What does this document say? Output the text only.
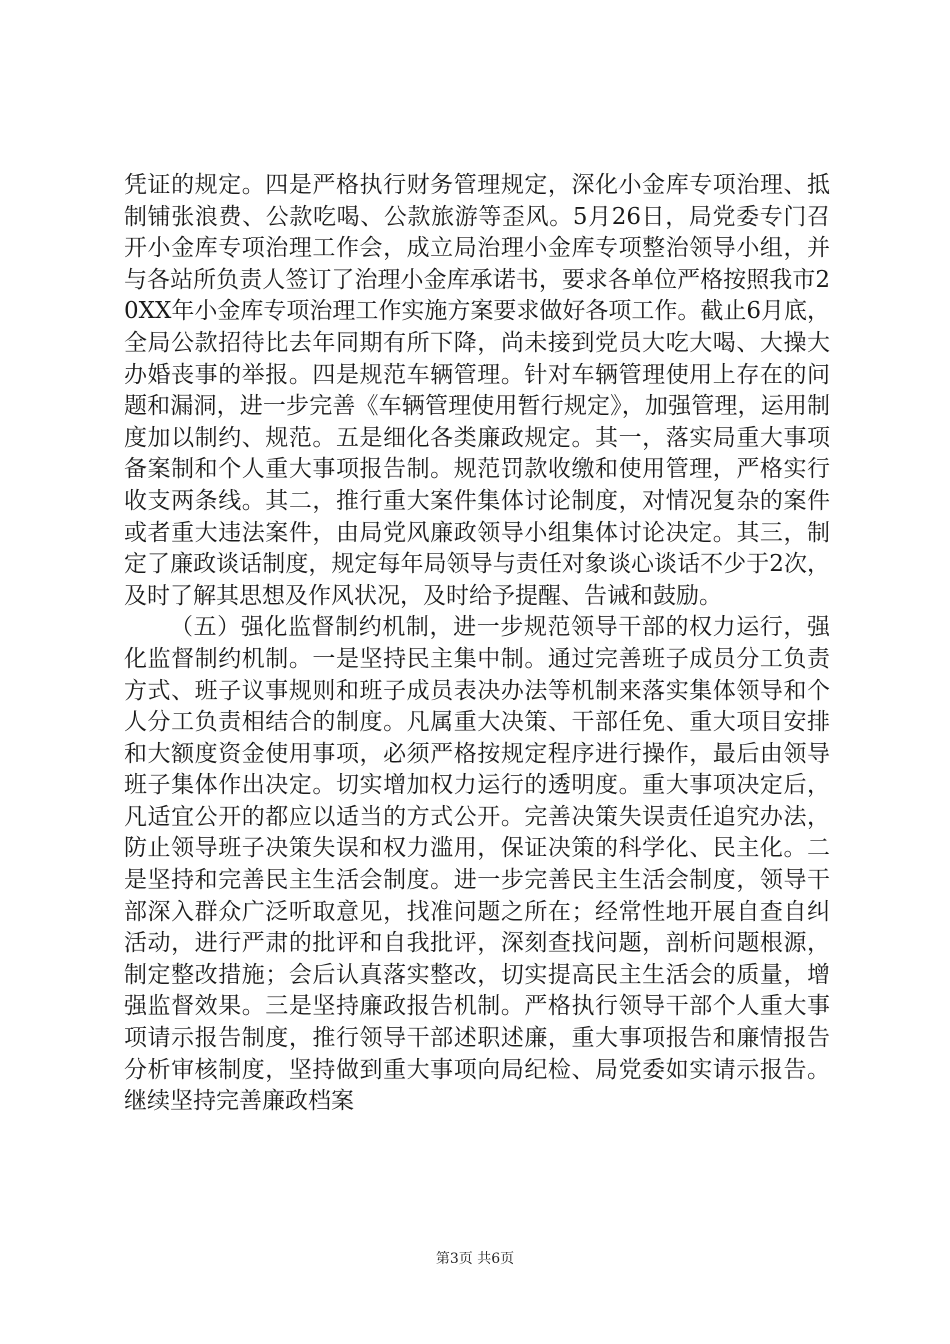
凭证的规定。四是严格执行财务管理规定，深化小金库专项治理、抵制铺张浪费、公款吃喝、公款旅游等歪风。5月26日，局党委专门召开小金库专项治理工作会，成立局治理小金库专项整治领导小组，并与各站所负责人签订了治理小金库承诺书，要求各单位严格按照我市20XX年小金库专项治理工作实施方案要求做好各项工作。截止6月底，全局公款招待比去年同期有所下降，尚未接到党员大吃大喝、大操大办婚丧事的举报。四是规范车辆管理。针对车辆管理使用上存在的问题和漏洞，进一步完善《车辆管理使用暂行规定》，加强管理，运用制度加以制约、规范。五是细化各类廉政规定。其一，落实局重大事项备案制和个人重大事项报告制。规范罚款收缴和使用管理，严格实行收支两条线。其二，推行重大案件集体讨论制度，对情况复杂的案件或者重大违法案件，由局党风廉政领导小组集体讨论决定。其三，制定了廉政谈话制度，规定每年局领导与责任对象谈心谈话不少于2次，及时了解其思想及作风状况，及时给予提醒、告诫和鼓励。

（五）强化监督制约机制，进一步规范领导干部的权力运行，强化监督制约机制。一是坚持民主集中制。通过完善班子成员分工负责方式、班子议事规则和班子成员表决办法等机制来落实集体领导和个人分工负责相结合的制度。凡属重大决策、干部任免、重大项目安排和大额度资金使用事项，必须严格按规定程序进行操作，最后由领导班子集体作出决定。切实增加权力运行的透明度。重大事项决定后，凡适宜公开的都应以适当的方式公开。完善决策失误责任追究办法，防止领导班子决策失误和权力滥用，保证决策的科学化、民主化。二是坚持和完善民主生活会制度。进一步完善民主生活会制度，领导干部深入群众广泛听取意见，找准问题之所在；经常性地开展自查自纠活动，进行严肃的批评和自我批评，深刻查找问题，剖析问题根源，制定整改措施；会后认真落实整改，切实提高民主生活会的质量，增强监督效果。三是坚持廉政报告机制。严格执行领导干部个人重大事项请示报告制度，推行领导干部述职述廉，重大事项报告和廉情报告分析审核制度，坚持做到重大事项向局纪检、局党委如实请示报告。继续坚持完善廉政档案

第3页 共6页
